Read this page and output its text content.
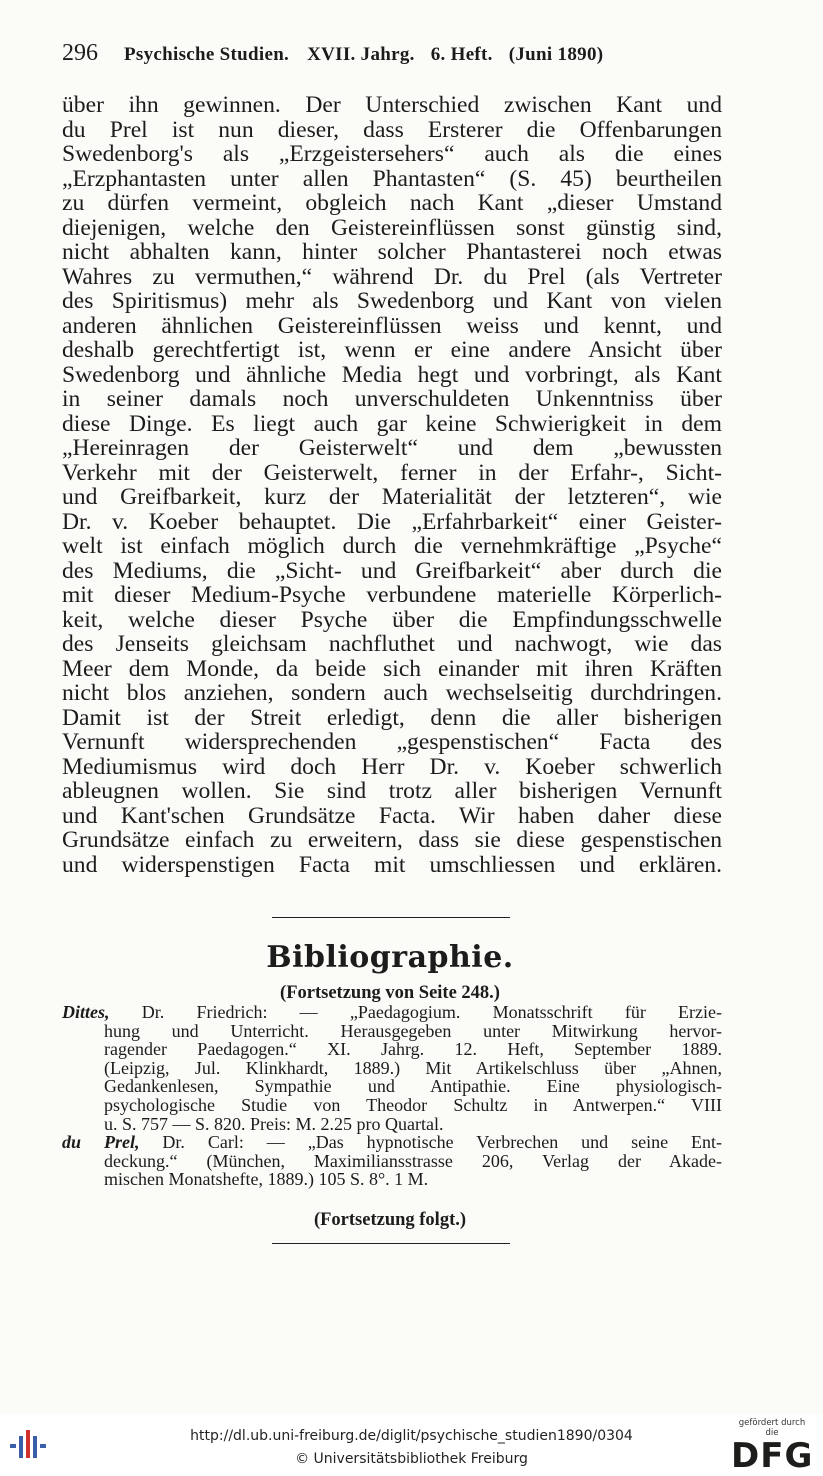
296 Psychische Studien. XVII. Jahrg. 6. Heft. (Juni 1890)
über ihn gewinnen. Der Unterschied zwischen Kant und
du Prel ist nun dieser, dass Ersterer die Offenbarungen
Swedenborg's als „Erzgeistersehers“ auch als die eines
„Erzphantasten unter allen Phantasten“ (S. 45) beurtheilen
zu dürfen vermeint, obgleich nach Kant „dieser Umstand
diejenigen, welche den Geistereinflüssen sonst günstig sind,
nicht abhalten kann, hinter solcher Phantasterei noch etwas
Wahres zu vermuthen,“ während Dr. du Prel (als Vertreter
des Spiritismus) mehr als Swedenborg und Kant von vielen
anderen ähnlichen Geistereinflüssen weiss und kennt, und
deshalb gerechtfertigt ist, wenn er eine andere Ansicht über
Swedenborg und ähnliche Media hegt und vorbringt, als Kant
in seiner damals noch unverschuldeten Unkenntniss über
diese Dinge. Es liegt auch gar keine Schwierigkeit in dem
„Hereinragen der Geisterwelt“ und dem „bewussten
Verkehr mit der Geisterwelt, ferner in der Erfahr-, Sicht-
und Greifbarkeit, kurz der Materialität der letzteren“, wie
Dr. v. Koeber behauptet. Die „Erfahrbarkeit“ einer Geister-
welt ist einfach möglich durch die vernehmkräftige „Psyche“
des Mediums, die „Sicht- und Greifbarkeit“ aber durch die
mit dieser Medium-Psyche verbundene materielle Körperlich-
keit, welche dieser Psyche über die Empfindungsschwelle
des Jenseits gleichsam nachfluthet und nachwogt, wie das
Meer dem Monde, da beide sich einander mit ihren Kräften
nicht blos anziehen, sondern auch wechselseitig durchdringen.
Damit ist der Streit erledigt, denn die aller bisherigen
Vernunft widersprechenden „gespenstischen“ Facta des
Mediumismus wird doch Herr Dr. v. Koeber schwerlich
ableugnen wollen. Sie sind trotz aller bisherigen Vernunft
und Kant'schen Grundsätze Facta. Wir haben daher diese
Grundsätze einfach zu erweitern, dass sie diese gespenstischen
und widerspenstigen Facta mit umschliessen und erklären.
Bibliographie.
(Fortsetzung von Seite 248.)
Dittes, Dr. Friedrich: — „Paedagogium. Monatsschrift für Erzie-
hung und Unterricht. Herausgegeben unter Mitwirkung hervor-
ragender Paedagogen.“ XI. Jahrg. 12. Heft, September 1889.
(Leipzig, Jul. Klinkhardt, 1889.) Mit Artikelschluss über „Ahnen,
Gedankenlesen, Sympathie und Antipathie. Eine physiologisch-
psychologische Studie von Theodor Schultz in Antwerpen.“ VIII
u. S. 757 — S. 820. Preis: M. 2.25 pro Quartal.
du Prel, Dr. Carl: — „Das hypnotische Verbrechen und seine Ent-
deckung.“ (München, Maximiliansstrasse 206, Verlag der Akade-
mischen Monatshefte, 1889.) 105 S. 8°. 1 M.
(Fortsetzung folgt.)
http://dl.ub.uni-freiburg.de/diglit/psychische_studien1890/0304
© Universitätsbibliothek Freiburg
gefördert durch die
DFG
